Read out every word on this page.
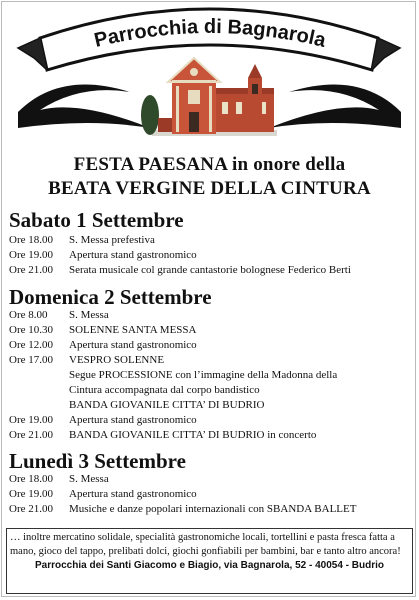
Parrocchia di Bagnarola
FESTA PAESANA in onore della
BEATA VERGINE DELLA CINTURA
Sabato 1 Settembre
Ore 18.00	S. Messa prefestiva
Ore 19.00	Apertura stand gastronomico
Ore 21.00	Serata musicale col grande cantastorie bolognese Federico Berti
Domenica 2 Settembre
Ore 8.00	S. Messa
Ore 10.30	SOLENNE SANTA MESSA
Ore 12.00	Apertura stand gastronomico
Ore 17.00	VESPRO SOLENNE
Segue PROCESSIONE con l’immagine della Madonna della
Cintura accompagnata dal corpo bandistico
BANDA GIOVANILE CITTA’ DI BUDRIO
Ore 19.00	Apertura stand gastronomico
Ore 21.00	BANDA GIOVANILE CITTA’ DI BUDRIO in concerto
Lunedì 3 Settembre
Ore 18.00	S. Messa
Ore 19.00	Apertura stand gastronomico
Ore 21.00	Musiche e danze popolari internazionali con SBANDA BALLET
… inoltre mercatino solidale, specialità gastronomiche locali, tortellini e pasta fresca fatta a mano, gioco del tappo, prelibati dolci, giochi gonfiabili per bambini, bar e tanto altro ancora!
Parrocchia dei Santi Giacomo e Biagio, via Bagnarola, 52 - 40054 - Budrio
